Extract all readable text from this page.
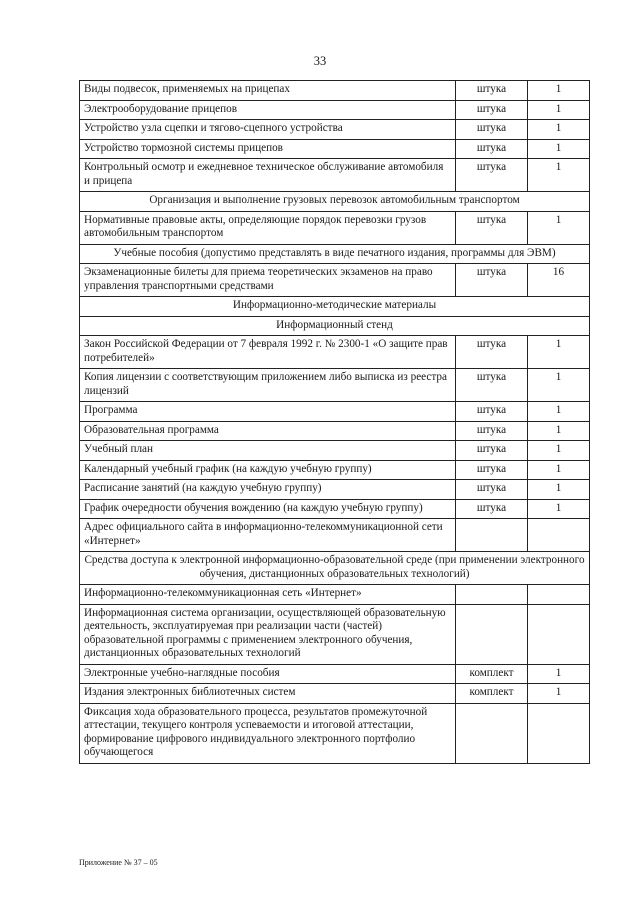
33
Виды подвесок, применяемых на прицепах	штука	1
Электрооборудование прицепов	штука	1
Устройство узла сцепки и тягово-сцепного устройства	штука	1
Устройство тормозной системы прицепов	штука	1
Контрольный осмотр и ежедневное техническое обслуживание автомобиля и прицепа	штука	1
Организация и выполнение грузовых перевозок автомобильным транспортом		
Нормативные правовые акты, определяющие порядок перевозки грузов автомобильным транспортом	штука	1
Учебные пособия (допустимо представлять в виде печатного издания, программы для ЭВМ)		
Экзаменационные билеты для приема теоретических экзаменов на право управления транспортными средствами	штука	16
Информационно-методические материалы		
Информационный стенд		
Закон Российской Федерации от 7 февраля 1992 г. № 2300-1 «О защите прав потребителей»	штука	1
Копия лицензии с соответствующим приложением либо выписка из реестра лицензий	штука	1
Программа	штука	1
Образовательная программа	штука	1
Учебный план	штука	1
Календарный учебный график (на каждую учебную группу)	штука	1
Расписание занятий (на каждую учебную группу)	штука	1
График очередности обучения вождению (на каждую учебную группу)	штука	1
Адрес официального сайта в информационно-телекоммуникационной сети «Интернет»		
Средства доступа к электронной информационно-образовательной среде (при применении электронного обучения, дистанционных образовательных технологий)		
Информационно-телекоммуникационная сеть «Интернет»		
Информационная система организации, осуществляющей образовательную деятельность, эксплуатируемая при реализации части (частей) образовательной программы с применением электронного обучения, дистанционных образовательных технологий		
Электронные учебно-наглядные пособия	комплект	1
Издания электронных библиотечных систем	комплект	1
Фиксация хода образовательного процесса, результатов промежуточной аттестации, текущего контроля успеваемости и итоговой аттестации, формирование цифрового индивидуального электронного портфолио обучающегося		
Приложение № 37 – 05
